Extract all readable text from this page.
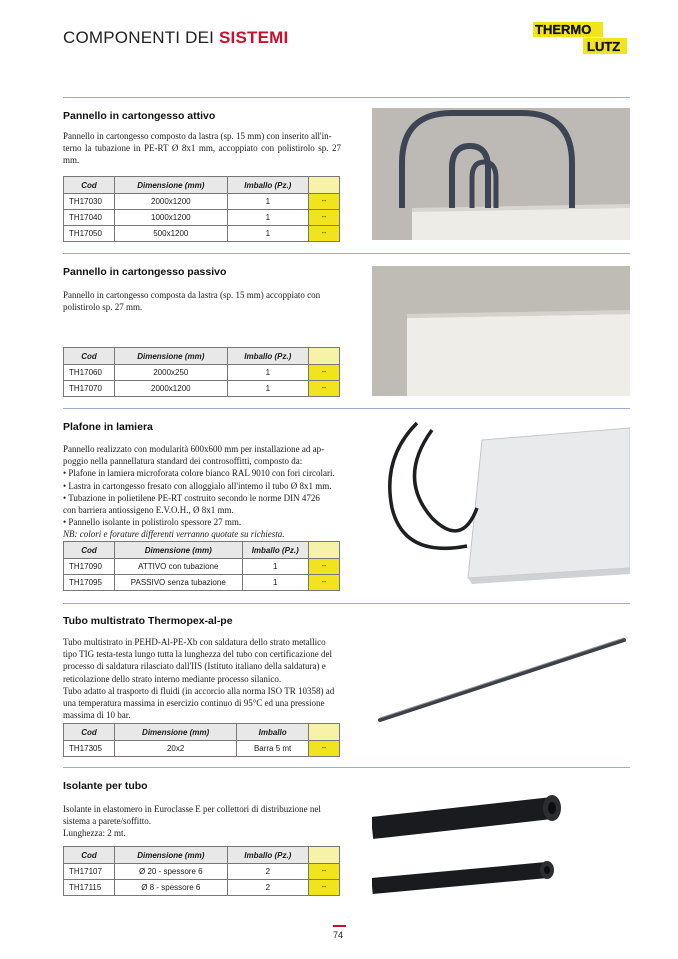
COMPONENTI DEI SISTEMI	THERMO
LUTZ
Pannello in cartongesso attivo

Pannello in cartongesso composto da lastra (sp. 15 mm) con inserito all'in-
terno la tubazione in PE-RT Ø 8x1 mm, accoppiato con polistirolo sp. 27 mm.

Cod	Dimensione (mm)	Imballo (Pz.)	
TH17030	2000x1200	1	--
TH17040	1000x1200	1	--
TH17050	500x1200	1	--
Pannello in cartongesso passivo

Pannello in cartongesso composta da lastra (sp. 15 mm) accoppiato con
polistirolo sp. 27 mm.

Cod	Dimensione (mm)	Imballo (Pz.)	
TH17060	2000x250	1	--
TH17070	2000x1200	1	--
Plafone in lamiera

Pannello realizzato con modularità 600x600 mm per installazione ad ap-
poggio nella pannellatura standard dei controsoffitti, composto da:
• Plafone in lamiera microforata colore bianco RAL 9010 con fori circolari.
• Lastra in cartongesso fresato con alloggialo all'intemo il tubo Ø 8x1 mm.
• Tubazione in polietilene PE-RT costruito secondo le norme DIN 4726
con barriera antiossigeno E.V.O.H., Ø 8x1 mm.
• Pannello isolante in polistirolo spessore 27 mm.
NB: colori e forature differenti verranno quotate su richiesta.

Cod	Dimensione (mm)	Imballo (Pz.)	
TH17090	ATTIVO con tubazione	1	--
TH17095	PASSIVO senza tubazione	1	--
Tubo multistrato Thermopex-al-pe

Tubo multistrato in PEHD-Al-PE-Xb con saldatura dello strato metallico
tipo TIG testa-testa lungo tutta la lunghezza del tubo con certificazione del
processo di saldatura rilasciato dall'IIS (Istituto italiano della saldatura) e
reticolazione dello strato interno mediante processo silanico.
Tubo adatto al trasporto di fluidi (in accorcio alla norma ISO TR 10358) ad
una temperatura massima in esercizio continuo di 95°C ed una pressione
massima di 10 bar.

Cod	Dimensione (mm)	Imballo	
TH17305	20x2	Barra 5 mt	--
Isolante per tubo

Isolante in elastomero in Euroclasse E per collettori di distribuzione nel
sistema a parete/soffitto.
Lunghezza: 2 mt.

Cod	Dimensione (mm)	Imballo (Pz.)	
TH17107	Ø 20 - spessore 6	2	--
TH17115	Ø 8 - spessore 6	2	--
74
